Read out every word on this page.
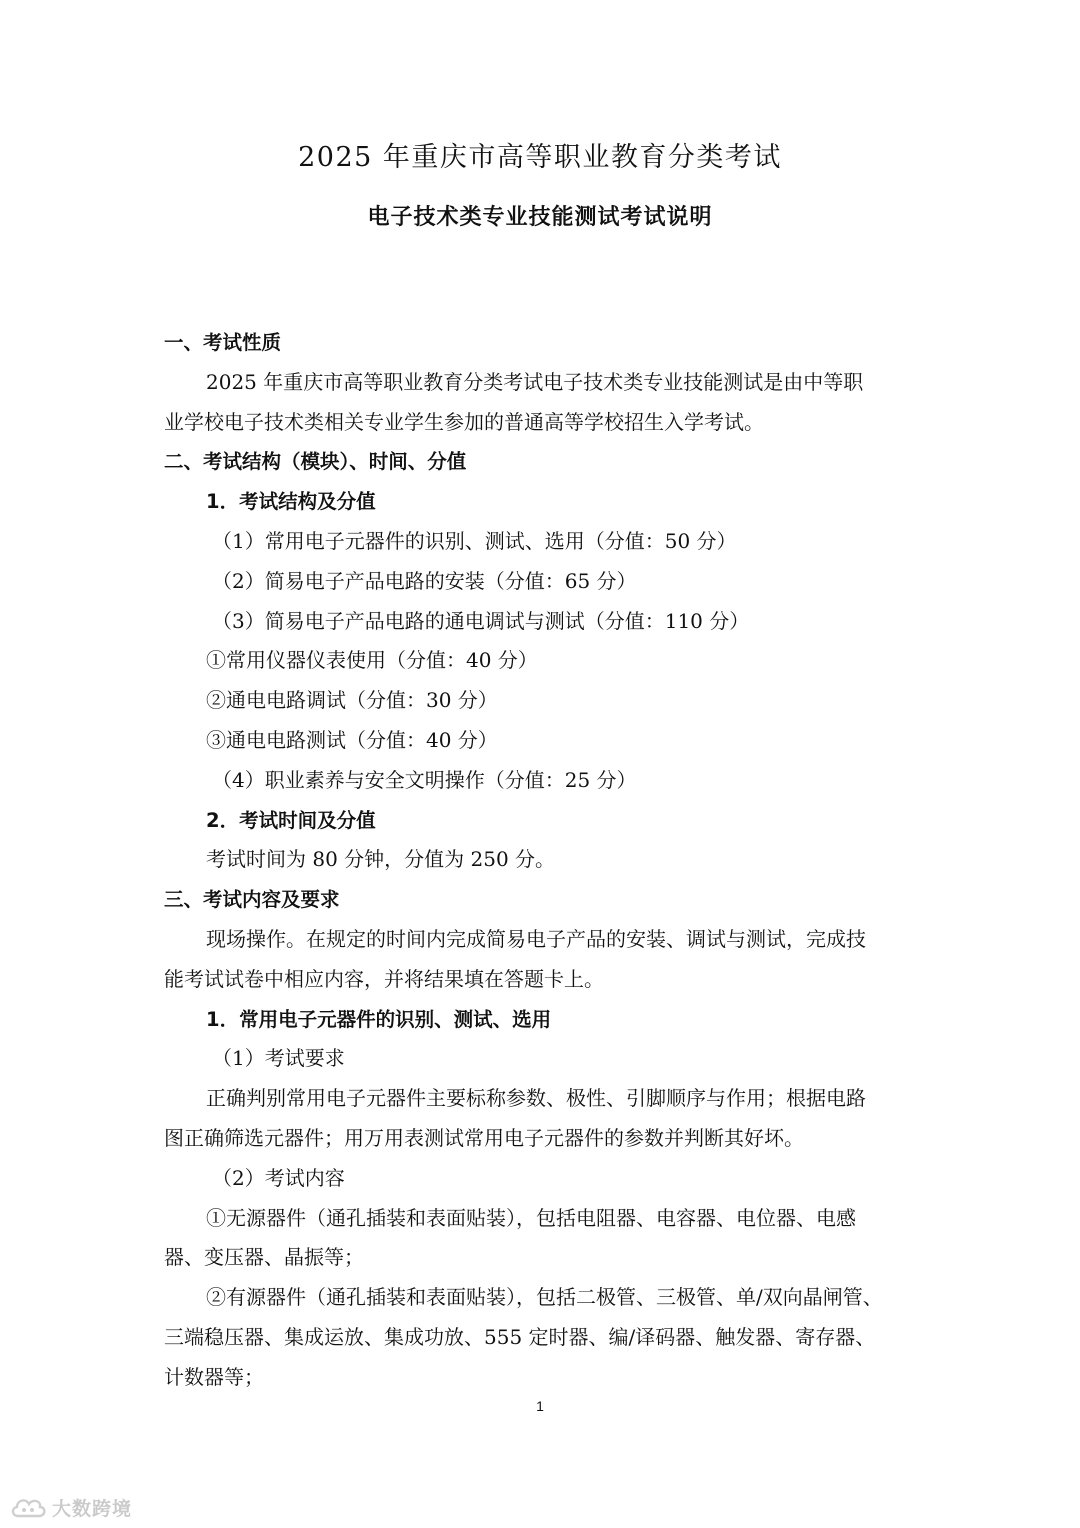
2025 年重庆市高等职业教育分类考试
电子技术类专业技能测试考试说明
一、考试性质
2025 年重庆市高等职业教育分类考试电子技术类专业技能测试是由中等职
业学校电子技术类相关专业学生参加的普通高等学校招生入学考试。
二、考试结构（模块）、时间、分值
1．考试结构及分值
（1）常用电子元器件的识别、测试、选用（分值：50 分）
（2）简易电子产品电路的安装（分值：65 分）
（3）简易电子产品电路的通电调试与测试（分值：110 分）
①常用仪器仪表使用（分值：40 分）
②通电电路调试（分值：30 分）
③通电电路测试（分值：40 分）
（4）职业素养与安全文明操作（分值：25 分）
2．考试时间及分值
考试时间为 80 分钟，分值为 250 分。
三、考试内容及要求
现场操作。在规定的时间内完成简易电子产品的安装、调试与测试，完成技
能考试试卷中相应内容，并将结果填在答题卡上。
1．常用电子元器件的识别、测试、选用
（1）考试要求
正确判别常用电子元器件主要标称参数、极性、引脚顺序与作用；根据电路
图正确筛选元器件；用万用表测试常用电子元器件的参数并判断其好坏。
（2）考试内容
①无源器件（通孔插装和表面贴装），包括电阻器、电容器、电位器、电感
器、变压器、晶振等；
②有源器件（通孔插装和表面贴装），包括二极管、三极管、单/双向晶闸管、
三端稳压器、集成运放、集成功放、555 定时器、编/译码器、触发器、寄存器、
计数器等；
1
大数跨境
